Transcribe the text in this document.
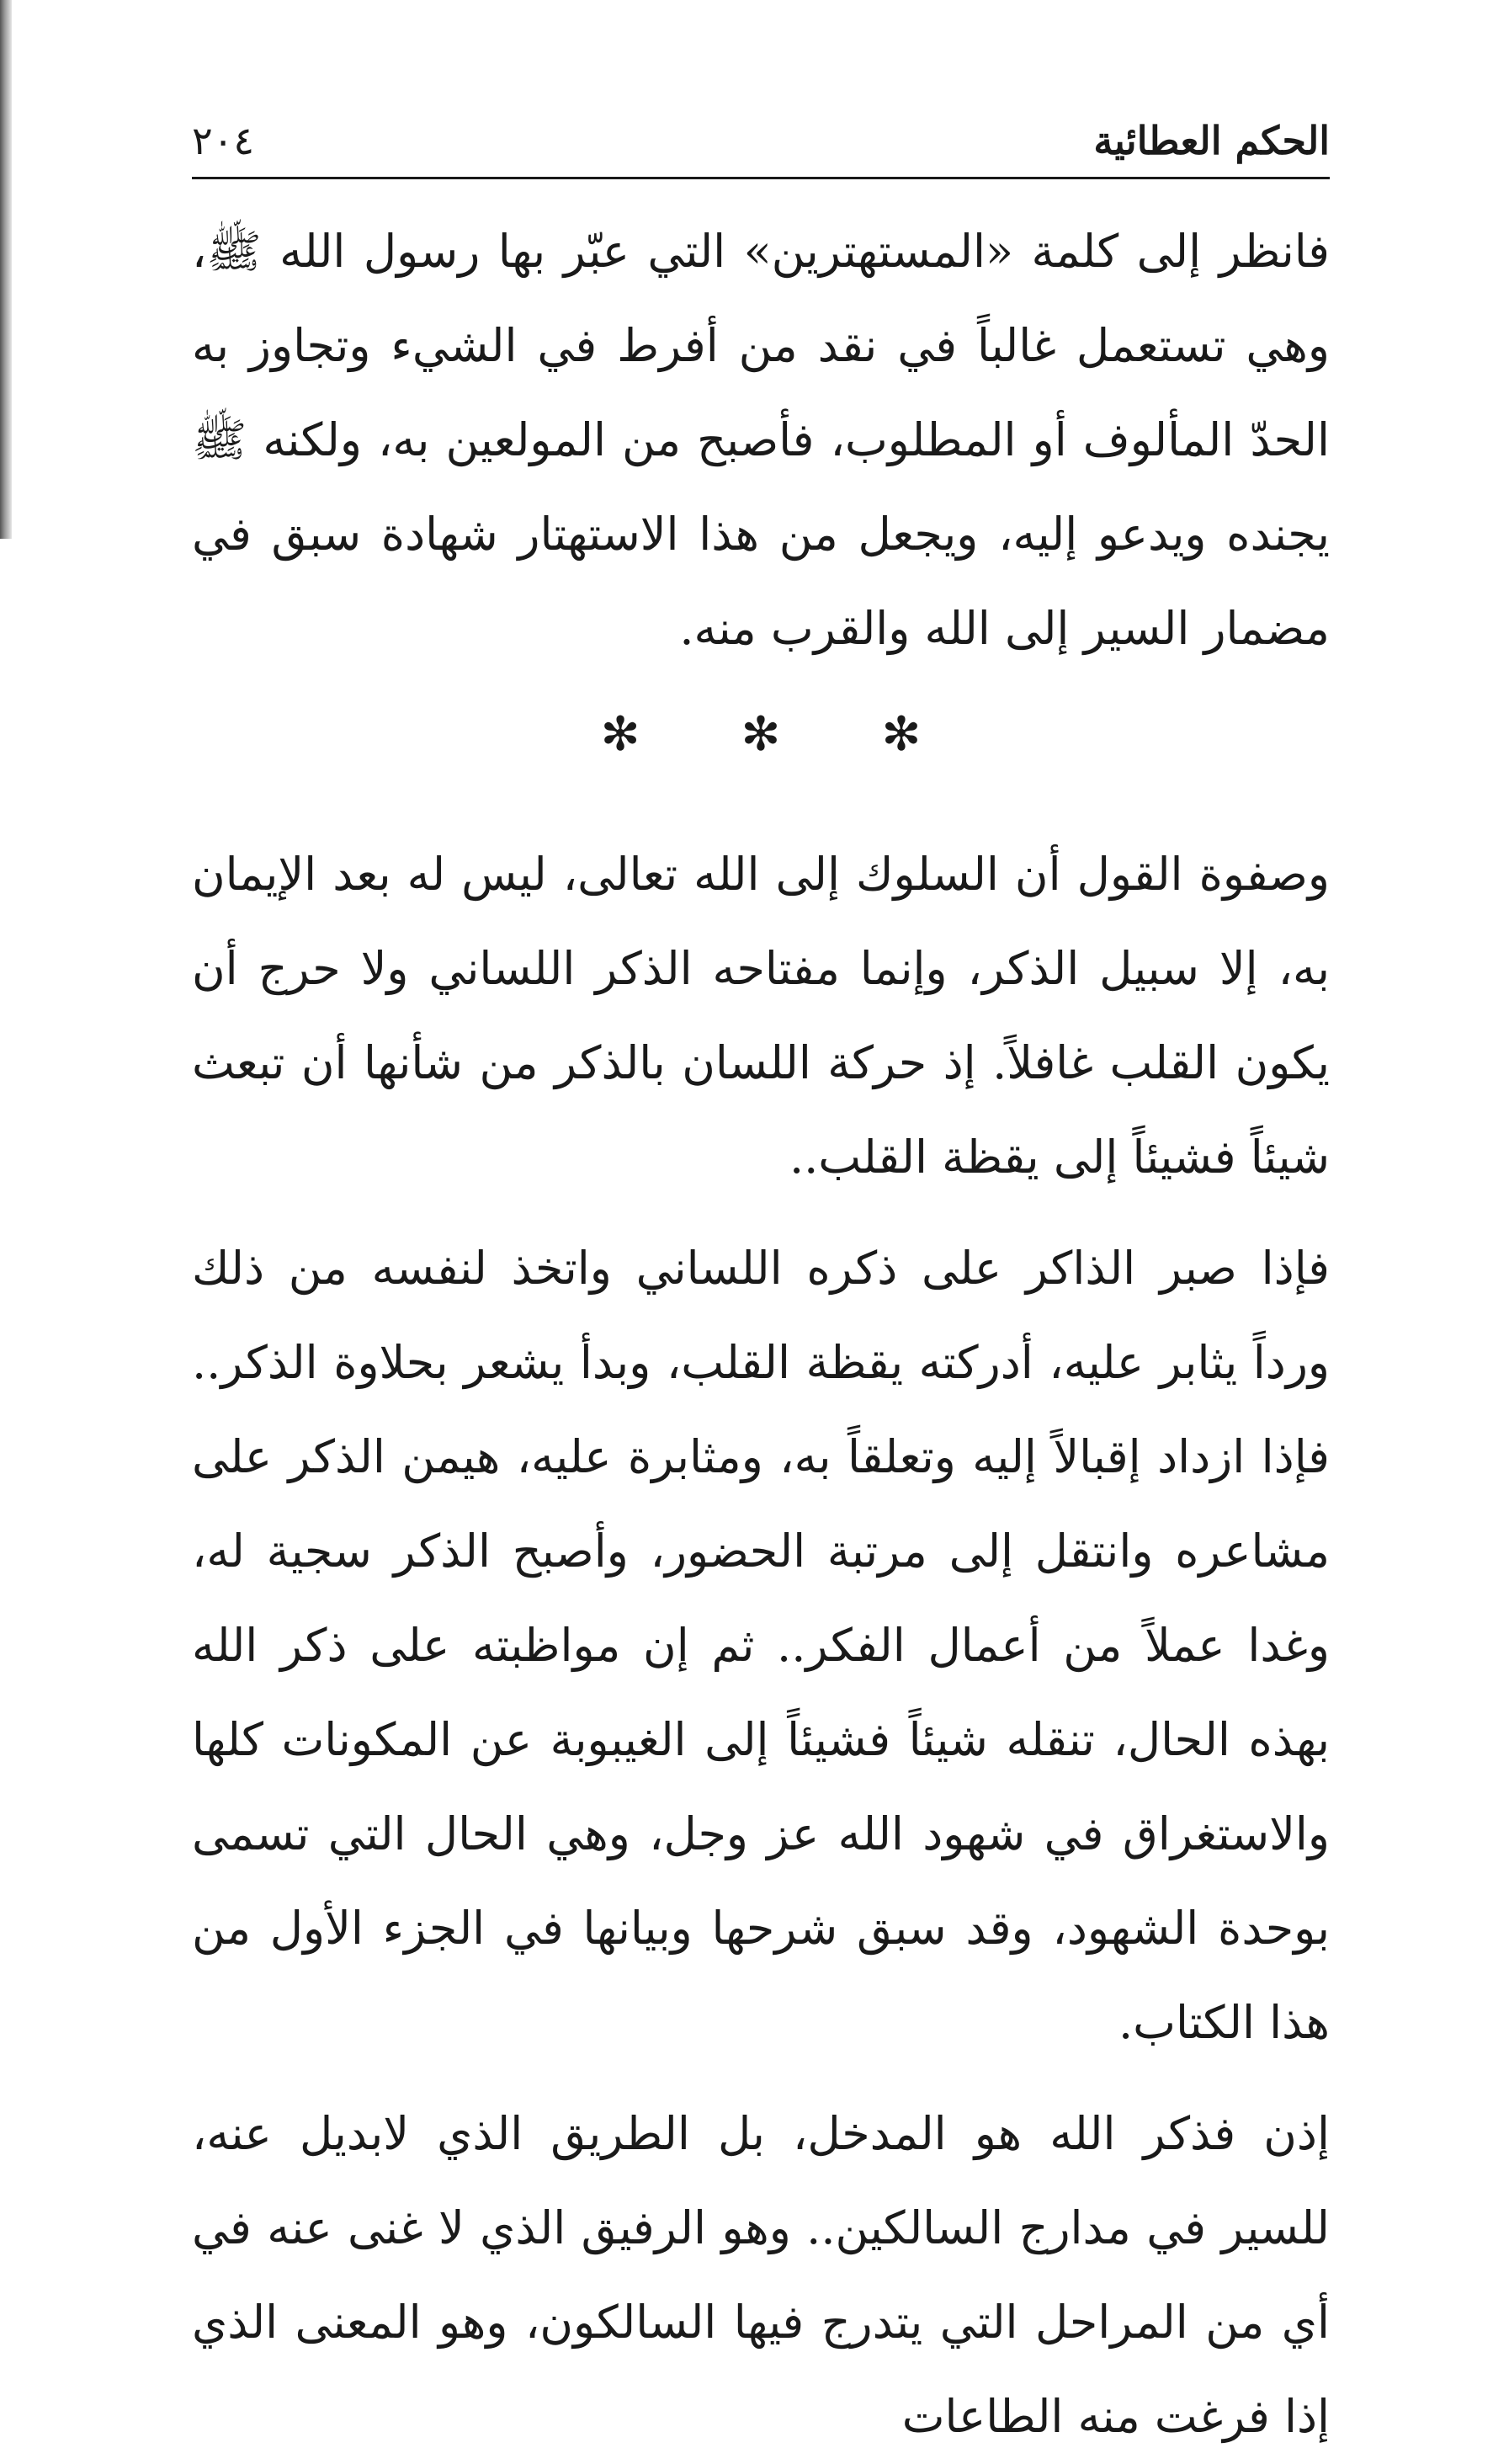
الحكم العطائية
٢٠٤

فانظر إلى كلمة «المستهترين» التي عبّر بها رسول الله ﷺ، وهي تستعمل غالباً في نقد من أفرط في الشيء وتجاوز به الحدّ المألوف أو المطلوب، فأصبح من المولعين به، ولكنه ﷺ يجنده ويدعو إليه، ويجعل من هذا الاستهتار شهادة سبق في مضمار السير إلى الله والقرب منه.

✻
✻
✻

وصفوة القول أن السلوك إلى الله تعالى، ليس له بعد الإيمان به، إلا سبيل الذكر، وإنما مفتاحه الذكر اللساني ولا حرج أن يكون القلب غافلاً. إذ حركة اللسان بالذكر من شأنها أن تبعث شيئاً فشيئاً إلى يقظة القلب..

فإذا صبر الذاكر على ذكره اللساني واتخذ لنفسه من ذلك ورداً يثابر عليه، أدركته يقظة القلب، وبدأ يشعر بحلاوة الذكر.. فإذا ازداد إقبالاً إليه وتعلقاً به، ومثابرة عليه، هيمن الذكر على مشاعره وانتقل إلى مرتبة الحضور، وأصبح الذكر سجية له، وغدا عملاً من أعمال الفكر.. ثم إن مواظبته على ذكر الله بهذه الحال، تنقله شيئاً فشيئاً إلى الغيبوبة عن المكونات كلها والاستغراق في شهود الله عز وجل، وهي الحال التي تسمى بوحدة الشهود، وقد سبق شرحها وبيانها في الجزء الأول من هذا الكتاب.

إذن فذكر الله هو المدخل، بل الطريق الذي لابديل عنه، للسير في مدارج السالكين.. وهو الرفيق الذي لا غنى عنه في أي من المراحل التي يتدرج فيها السالكون، وهو المعنى الذي إذا فرغت منه الطاعات
